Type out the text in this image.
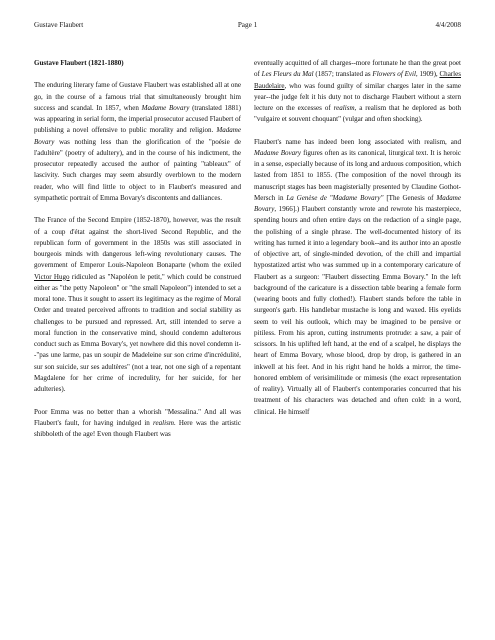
Gustave Flaubert	Page 1	4/4/2008
Gustave Flaubert (1821-1880)

The enduring literary fame of Gustave Flaubert was established all at one go, in the course of a famous trial that simultaneously brought him success and scandal. In 1857, when Madame Bovary (translated 1881) was appearing in serial form, the imperial prosecutor accused Flaubert of publishing a novel offensive to public morality and religion. Madame Bovary was nothing less than the glorification of the "poésie de l'adultère" (poetry of adultery), and in the course of his indictment, the prosecutor repeatedly accused the author of painting "tableaux" of lascivity. Such charges may seem absurdly overblown to the modern reader, who will find little to object to in Flaubert's measured and sympathetic portrait of Emma Bovary's discontents and dalliances.

The France of the Second Empire (1852-1870), however, was the result of a coup d'état against the short-lived Second Republic, and the republican form of government in the 1850s was still associated in bourgeois minds with dangerous left-wing revolutionary causes. The government of Emperor Louis-Napoleon Bonaparte (whom the exiled Victor Hugo ridiculed as "Napoléon le petit," which could be construed either as "the petty Napoleon" or "the small Napoleon") intended to set a moral tone. Thus it sought to assert its legitimacy as the regime of Moral Order and treated perceived affronts to tradition and social stability as challenges to be pursued and repressed. Art, still intended to serve a moral function in the conservative mind, should condemn adulterous conduct such as Emma Bovary's, yet nowhere did this novel condemn it--"pas une larme, pas un soupir de Madeleine sur son crime d'incrédulité, sur son suicide, sur ses adultères" (not a tear, not one sigh of a repentant Magdalene for her crime of incredulity, for her suicide, for her adulteries).

Poor Emma was no better than a whorish "Messalina." And all was Flaubert's fault, for having indulged in realism. Here was the artistic shibboleth of the age! Even though Flaubert was

eventually acquitted of all charges--more fortunate he than the great poet of Les Fleurs du Mal (1857; translated as Flowers of Evil, 1909), Charles Baudelaire, who was found guilty of similar charges later in the same year--the judge felt it his duty not to discharge Flaubert without a stern lecture on the excesses of realism, a realism that he deplored as both "vulgaire et souvent choquant" (vulgar and often shocking).

Flaubert's name has indeed been long associated with realism, and Madame Bovary figures often as its canonical, liturgical text. It is heroic in a sense, especially because of its long and arduous composition, which lasted from 1851 to 1855. (The composition of the novel through its manuscript stages has been magisterially presented by Claudine Gothot-Mersch in La Genèse de "Madame Bovary" [The Genesis of Madame Bovary, 1966].) Flaubert constantly wrote and rewrote his masterpiece, spending hours and often entire days on the redaction of a single page, the polishing of a single phrase. The well-documented history of its writing has turned it into a legendary book--and its author into an apostle of objective art, of single-minded devotion, of the chill and impartial hypostatized artist who was summed up in a contemporary caricature of Flaubert as a surgeon: "Flaubert dissecting Emma Bovary." In the left background of the caricature is a dissection table bearing a female form (wearing boots and fully clothed!). Flaubert stands before the table in surgeon's garb. His handlebar mustache is long and waxed. His eyelids seem to veil his outlook, which may be imagined to be pensive or pitiless. From his apron, cutting instruments protrude: a saw, a pair of scissors. In his uplifted left hand, at the end of a scalpel, he displays the heart of Emma Bovary, whose blood, drop by drop, is gathered in an inkwell at his feet. And in his right hand he holds a mirror, the time-honored emblem of verisimilitude or mimesis (the exact representation of reality). Virtually all of Flaubert's contemporaries concurred that his treatment of his characters was detached and often cold: in a word, clinical. He himself
